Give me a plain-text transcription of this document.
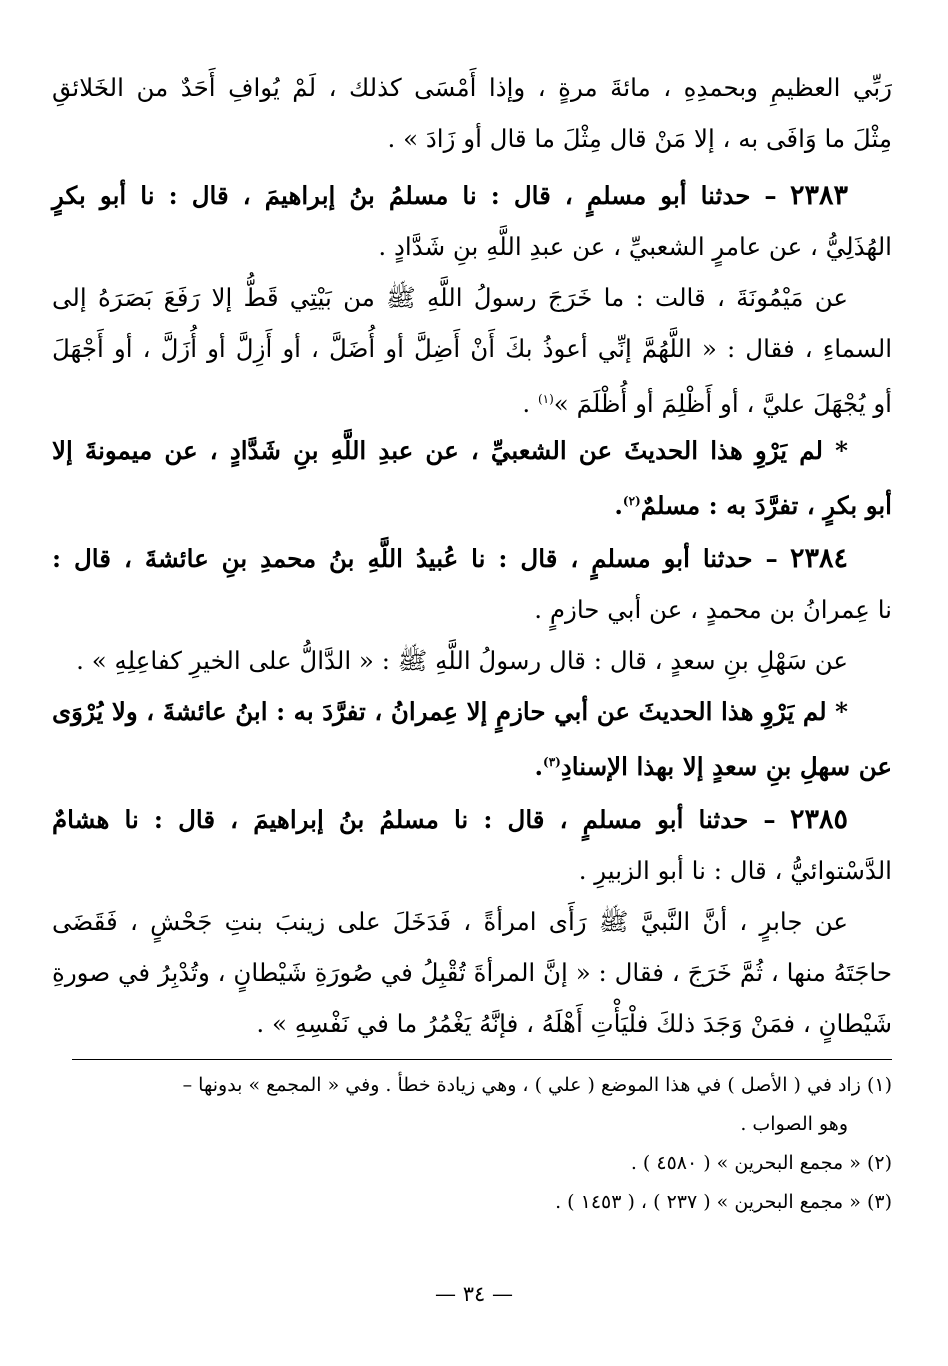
رَبِّي العظيمِ وبحمدِهِ ، مائةَ مرةٍ ، وإذا أَمْسَى كذلك ، لَمْ يُوافِ أَحَدٌ من الخَلائقِ
مِثْلَ ما وَافَى به ، إلا مَنْ قال مِثْلَ ما قال أو زَادَ » .
٢٣٨٣ – حدثنا أبو مسلمٍ ، قال : نا مسلمُ بنُ إبراهيمَ ، قال : نا أبو بكرٍ
الهُذَلِيُّ ، عن عامرٍ الشعبيِّ ، عن عبدِ اللَّهِ بنِ شَدَّادٍ .
عن مَيْمُونَةَ ، قالت : ما خَرَجَ رسولُ اللَّهِ ﷺ من بَيْتِي قَطُّ إلا رَفَعَ بَصَرَهُ إلى
السماءِ ، فقال : « اللَّهُمَّ إنِّي أعوذُ بكَ أَنْ أَضِلَّ أو أُضَلَّ ، أو أَزِلَّ أو أُزَلَّ ، أو أَجْهَلَ
أو يُجْهَلَ عليَّ ، أو أَظْلِمَ أو أُظْلَمَ »$^{(١)}$ .
* لم يَرْوِ هذا الحديثَ عن الشعبيِّ ، عن عبدِ اللَّهِ بنِ شَدَّادٍ ، عن ميمونةَ إلا
أبو بكرٍ ، تفرَّدَ به : مسلمٌ$^{(٢)}$.
٢٣٨٤ – حدثنا أبو مسلمٍ ، قال : نا عُبيدُ اللَّهِ بنُ محمدِ بنِ عائشةَ ، قال :
نا عِمرانُ بن محمدٍ ، عن أبي حازمٍ .
عن سَهْلِ بنِ سعدٍ ، قال : قال رسولُ اللَّهِ ﷺ : « الدَّالُّ على الخيرِ كفاعِلِهِ » .
* لم يَرْوِ هذا الحديثَ عن أبي حازمٍ إلا عِمرانُ ، تفرَّدَ به : ابنُ عائشةَ ، ولا يُرْوَى
عن سهلِ بنِ سعدٍ إلا بهذا الإسنادِ$^{(٣)}$.
٢٣٨٥ – حدثنا أبو مسلمٍ ، قال : نا مسلمُ بنُ إبراهيمَ ، قال : نا هشامٌ
الدَّسْتوائيُّ ، قال : نا أبو الزبيرِ .
عن جابرٍ ، أنَّ النَّبيَّ ﷺ رَأَى امرأةً ، فَدَخَلَ على زينبَ بنتِ جَحْشٍ ، فَقَضَى
حاجَتَهُ منها ، ثُمَّ خَرَجَ ، فقال : « إنَّ المرأةَ تُقْبِلُ في صُورَةِ شَيْطانٍ ، وتُدْبِرُ في صورةِ
شَيْطانٍ ، فمَنْ وَجَدَ ذلكَ فلْيَأْتِ أَهْلَهُ ، فإنَّهُ يَغْمُرُ ما في نَفْسِهِ » .
(١) زاد في ( الأصل ) في هذا الموضع ( علي ) ، وهي زيادة خطأ . وفي « المجمع » بدونها –
وهو الصواب .
(٢) « مجمع البحرين » ( ٤٥٨٠ ) .
(٣) « مجمع البحرين » ( ٢٣٧ ) ، ( ١٤٥٣ ) .
— ٣٤ —
